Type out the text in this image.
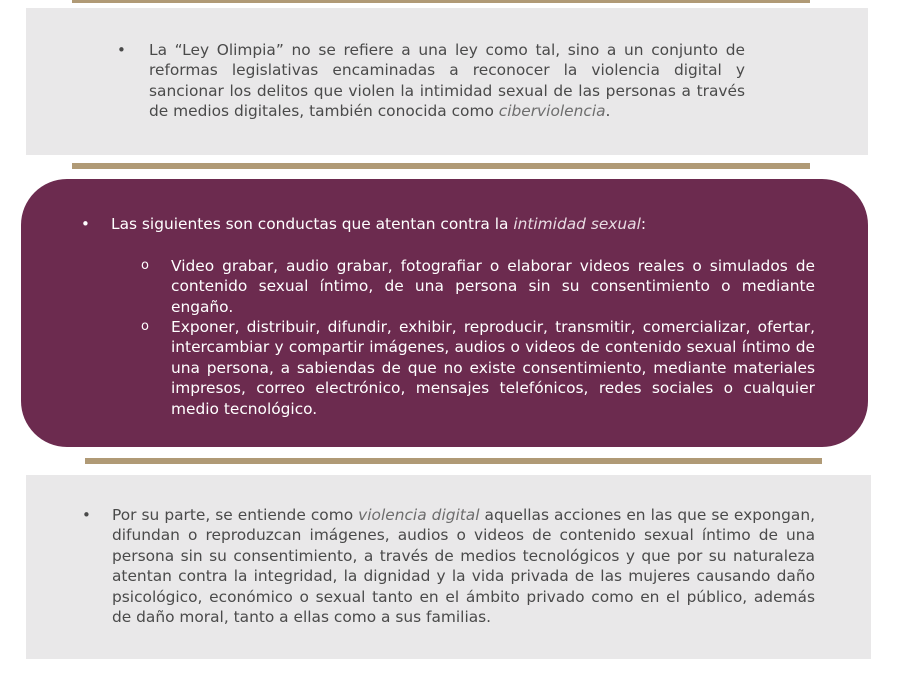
• La “Ley Olimpia” no se refiere a una ley como tal, sino a un conjunto de reformas legislativas encaminadas a reconocer la violencia digital y sancionar los delitos que violen la intimidad sexual de las personas a través de medios digitales, también conocida como ciberviolencia.

• Las siguientes son conductas que atentan contra la intimidad sexual:

o Video grabar, audio grabar, fotografiar o elaborar videos reales o simulados de contenido sexual íntimo, de una persona sin su consentimiento o mediante engaño.

o Exponer, distribuir, difundir, exhibir, reproducir, transmitir, comercializar, ofertar, intercambiar y compartir imágenes, audios o videos de contenido sexual íntimo de una persona, a sabiendas de que no existe consentimiento, mediante materiales impresos, correo electrónico, mensajes telefónicos, redes sociales o cualquier medio tecnológico.

• Por su parte, se entiende como violencia digital aquellas acciones en las que se expongan, difundan o reproduzcan imágenes, audios o videos de contenido sexual íntimo de una persona sin su consentimiento, a través de medios tecnológicos y que por su naturaleza atentan contra la integridad, la dignidad y la vida privada de las mujeres causando daño psicológico, económico o sexual tanto en el ámbito privado como en el público, además de daño moral, tanto a ellas como a sus familias.
